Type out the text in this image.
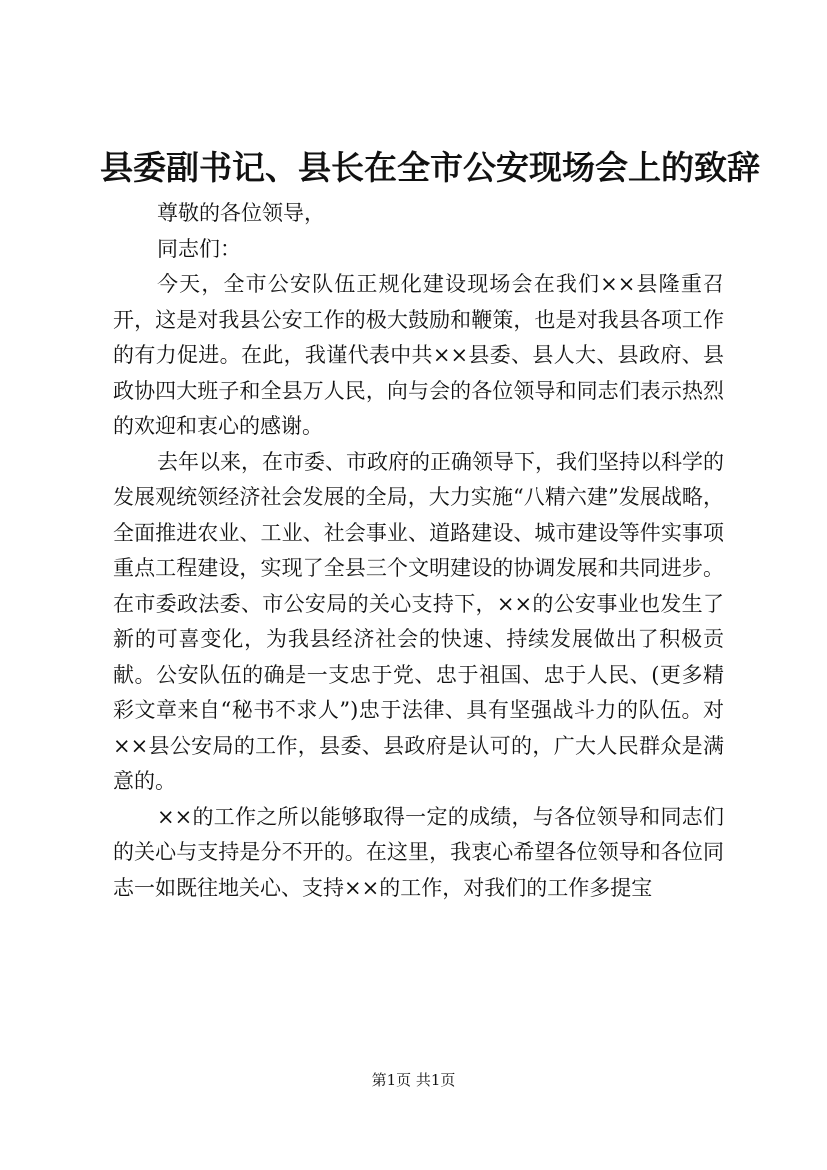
县委副书记、县长在全市公安现场会上的致辞

尊敬的各位领导，

同志们：

今天，全市公安队伍正规化建设现场会在我们××县隆重召开，这是对我县公安工作的极大鼓励和鞭策，也是对我县各项工作的有力促进。在此，我谨代表中共××县委、县人大、县政府、县政协四大班子和全县万人民，向与会的各位领导和同志们表示热烈的欢迎和衷心的感谢。

去年以来，在市委、市政府的正确领导下，我们坚持以科学的发展观统领经济社会发展的全局，大力实施“八精六建”发展战略，全面推进农业、工业、社会事业、道路建设、城市建设等件实事项重点工程建设，实现了全县三个文明建设的协调发展和共同进步。在市委政法委、市公安局的关心支持下，××的公安事业也发生了新的可喜变化，为我县经济社会的快速、持续发展做出了积极贡献。公安队伍的确是一支忠于党、忠于祖国、忠于人民、(更多精彩文章来自“秘书不求人”)忠于法律、具有坚强战斗力的队伍。对××县公安局的工作，县委、县政府是认可的，广大人民群众是满意的。

××的工作之所以能够取得一定的成绩，与各位领导和同志们的关心与支持是分不开的。在这里，我衷心希望各位领导和各位同志一如既往地关心、支持××的工作，对我们的工作多提宝

第1页 共1页
